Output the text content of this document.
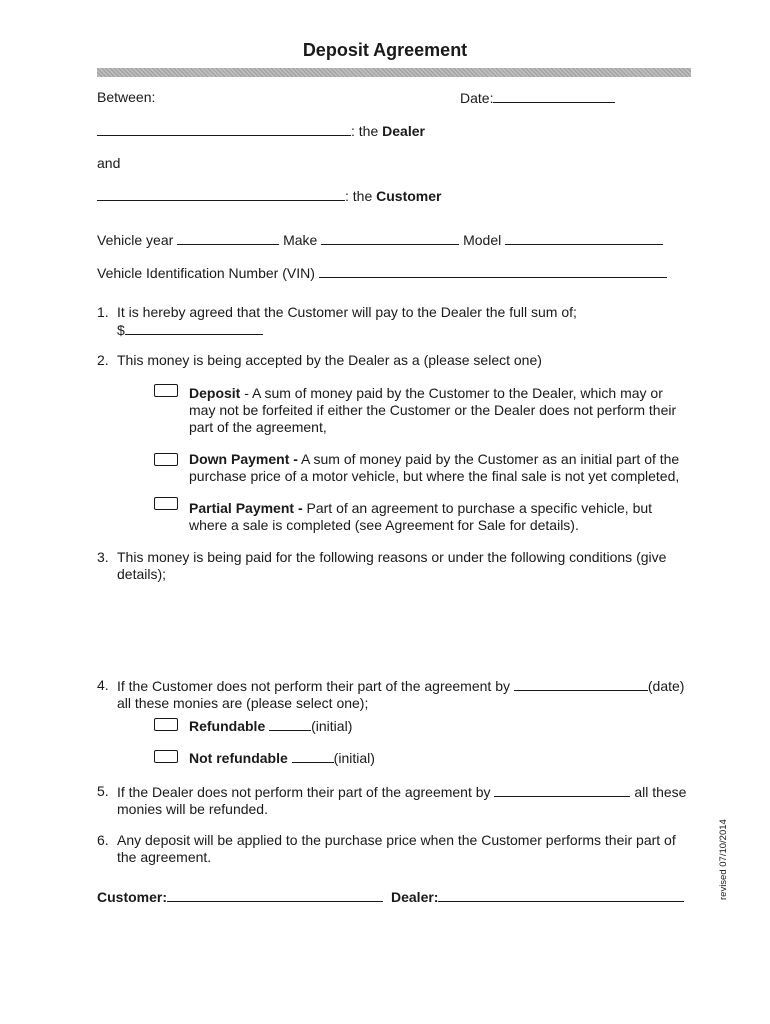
Deposit Agreement
Between:	Date:
: the Dealer
and
: the Customer
Vehicle year	Make	Model
Vehicle Identification Number (VIN)
1. It is hereby agreed that the Customer will pay to the Dealer the full sum of;
$
2. This money is being accepted by the Dealer as a (please select one)
Deposit - A sum of money paid by the Customer to the Dealer, which may or
may not be forfeited if either the Customer or the Dealer does not perform their
part of the agreement,
Down Payment - A sum of money paid by the Customer as an initial part of the
purchase price of a motor vehicle, but where the final sale is not yet completed,
Partial Payment - Part of an agreement to purchase a specific vehicle, but
where a sale is completed (see Agreement for Sale for details).
3. This money is being paid for the following reasons or under the following conditions (give
details);
4. If the Customer does not perform their part of the agreement by	(date)
all these monies are (please select one);
Refundable	(initial)
Not refundable	(initial)
5. If the Dealer does not perform their part of the agreement by	all these
monies will be refunded.
6. Any deposit will be applied to the purchase price when the Customer performs their part of
the agreement.
Customer:	Dealer:	revised 07/10/2014
